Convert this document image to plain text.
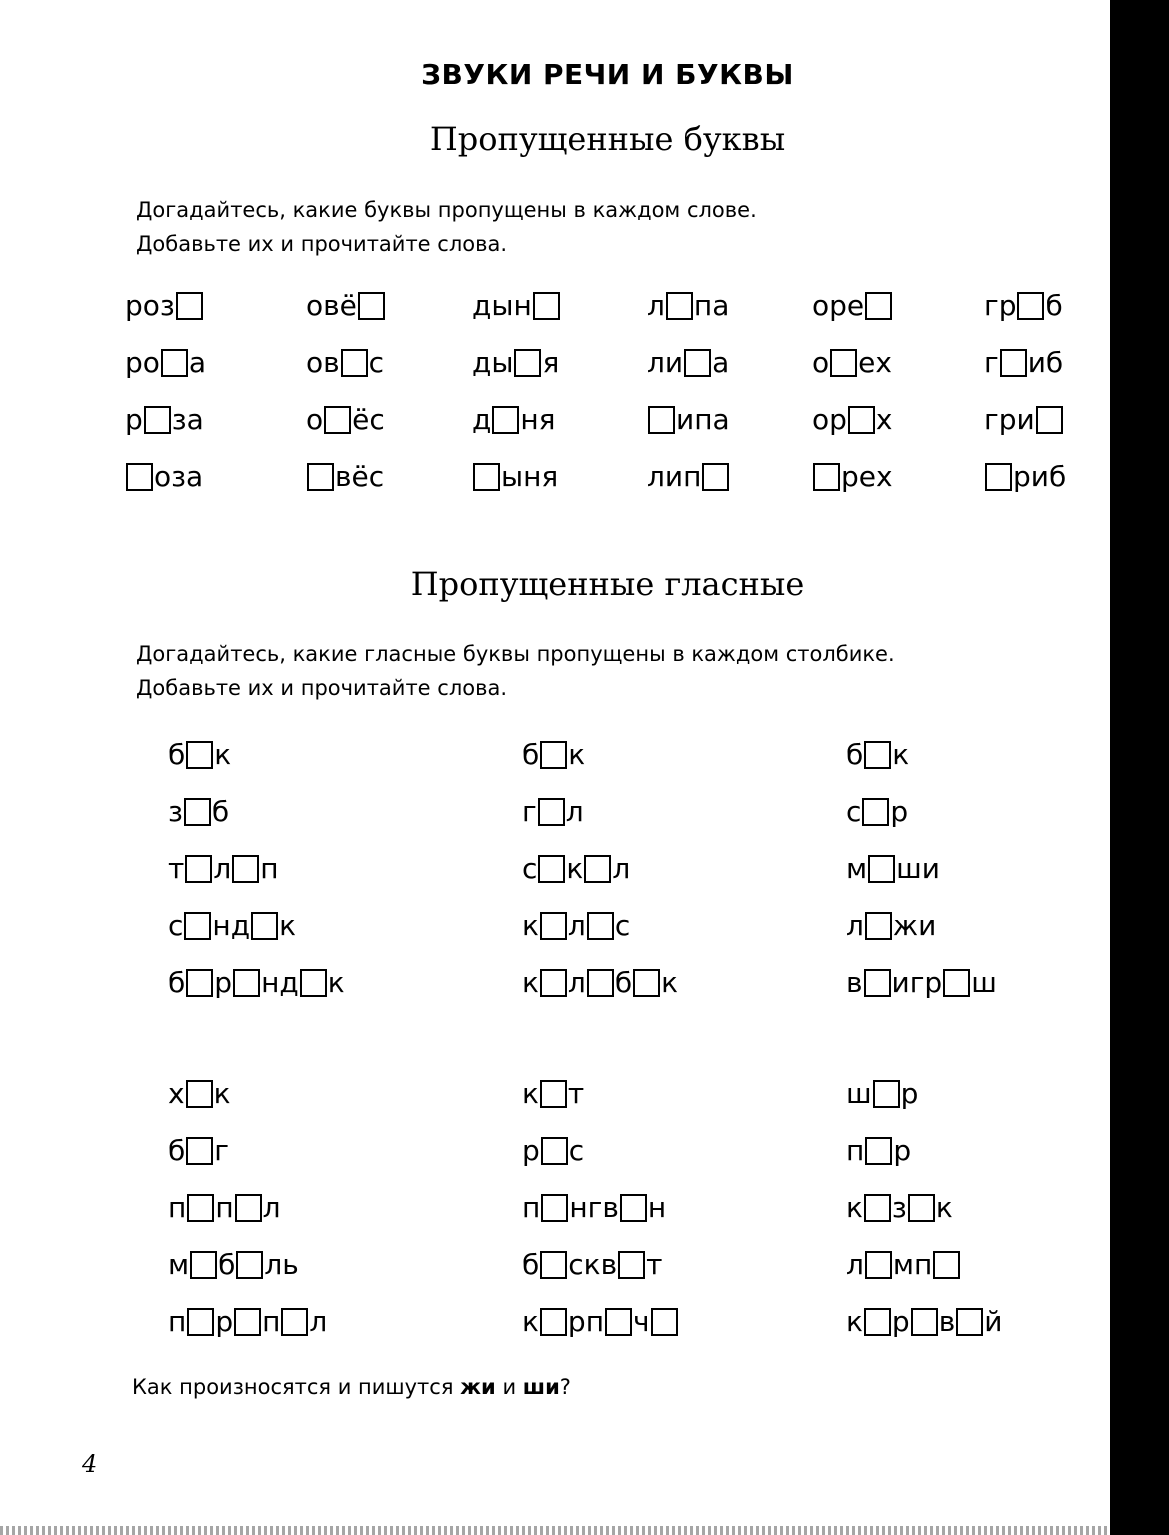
ЗВУКИ РЕЧИ И БУКВЫ
Пропущенные буквы
Догадайтесь, какие буквы пропущены в каждом слове.
Добавьте их и прочитайте слова.
Пропущенные гласные
Догадайтесь, какие гласные буквы пропущены в каждом столбике.
Добавьте их и прочитайте слова.
роз
ро а
р за
оза
овё
ов с
о ёс
вёс
дын
ды я
д ня
ыня
л па
ли а
ипа
лип
оре
о ех
ор х
рех
гр б
г иб
гри
риб
б к
з б
т л п
с нд к
б р нд к
б к
г л
с к л
к л с
к л б к
б к
с р
м ши
л жи
в игр ш
х к
б г
п п л
м б ль
п р п л
к т
р с
п нгв н
б скв т
к рп ч
ш р
п р
к з к
л мп
к р в й
Как произносятся и пишутся жи и ши?
4
